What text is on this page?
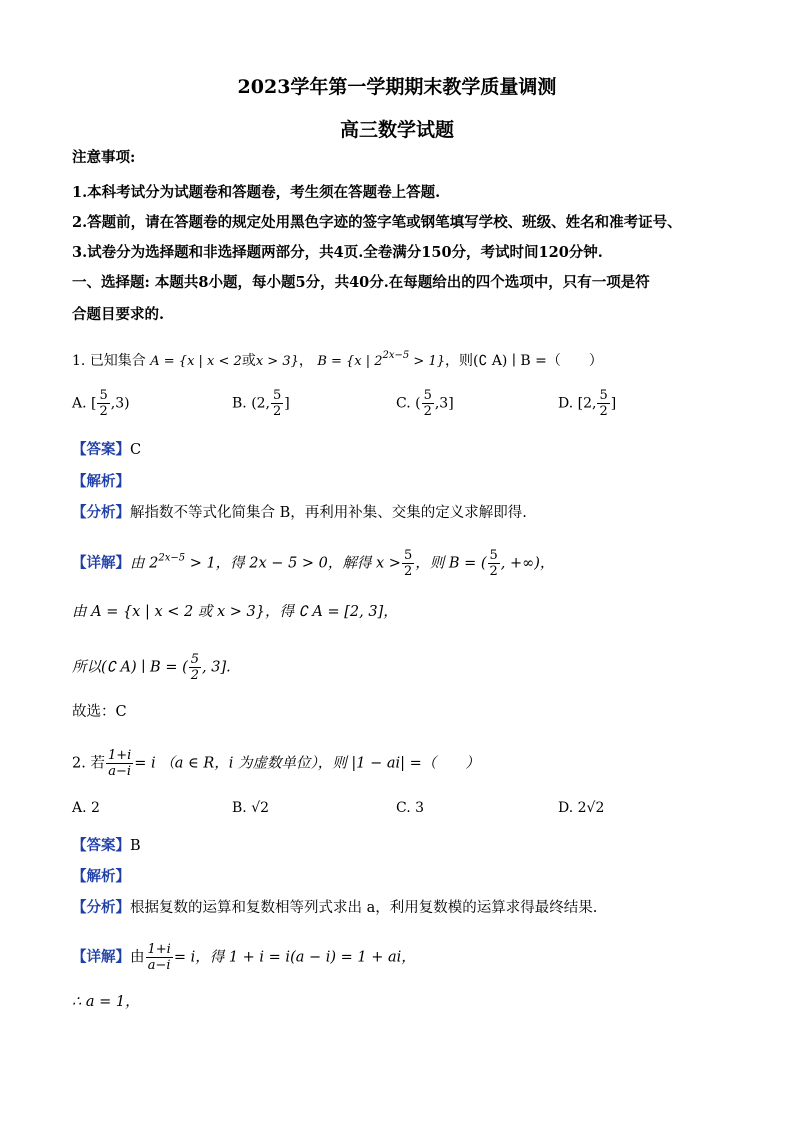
2023学年第一学期期末教学质量调测
高三数学试题
注意事项:
1.本科考试分为试题卷和答题卷，考生须在答题卷上答题.
2.答题前，请在答题卷的规定处用黑色字迹的签字笔或钢笔填写学校、班级、姓名和准考证号、
3.试卷分为选择题和非选择题两部分，共4页.全卷满分150分，考试时间120分钟.
一、选择题: 本题共8小题，每小题5分，共40分.在每题给出的四个选项中，只有一项是符
合题目要求的.
1. 已知集合 A = {x | x < 2或x > 3}， B = {x | $2^{2x-5} > 1$}，则(∁ A) ∣ B =（　　）
A. [ $\frac{5}{2} ,3$)	B. (2, $\frac{5}{2}$ ]	C. ( $\frac{5}{2} ,3$]	D. [2, $\frac{5}{2}$ ]
【答案】C
【解析】
【分析】解指数不等式化简集合 B，再利用补集、交集的定义求解即得.
【详解】由 $2^{2x-5} > 1$，得 2x − 5 > 0，解得 $x > \frac{5}{2}$ ，则 B = ( $\frac{5}{2}$ , +∞)，
由 A = {x | x < 2 或 x > 3}，得 ∁ A = [2, 3]，
所以(∁ A) ∣ B = ( $\frac{5}{2}$ , 3].
故选：C
2. 若 $\frac{1+i}{a-i} = i$ （a ∈ R，i 为虚数单位），则 |1 − ai| =（　　）
A. 2	B. √2	C. 3	D. 2√2
【答案】B
【解析】
【分析】根据复数的运算和复数相等列式求出 a，利用复数模的运算求得最终结果.
【详解】由 $\frac{1+i}{a-i} = i$，得 1 + i = i(a − i) = 1 + ai，
∴ a = 1，
